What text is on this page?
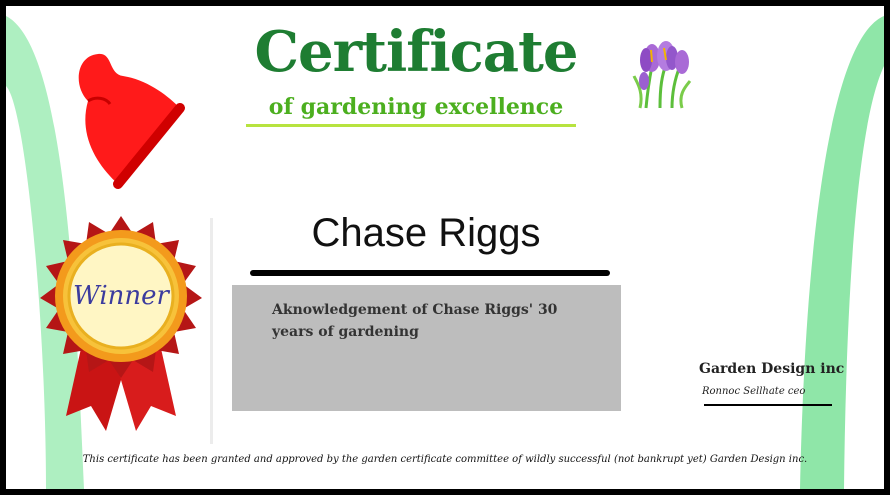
Certificate
of gardening excellence
Winner
Chase Riggs
Aknowledgement of Chase Riggs' 30 years of gardening
Garden Design inc
Ronnoc Sellhate ceo
This certificate has been granted and approved by the garden certificate committee of wildly successful (not bankrupt yet) Garden Design inc.
